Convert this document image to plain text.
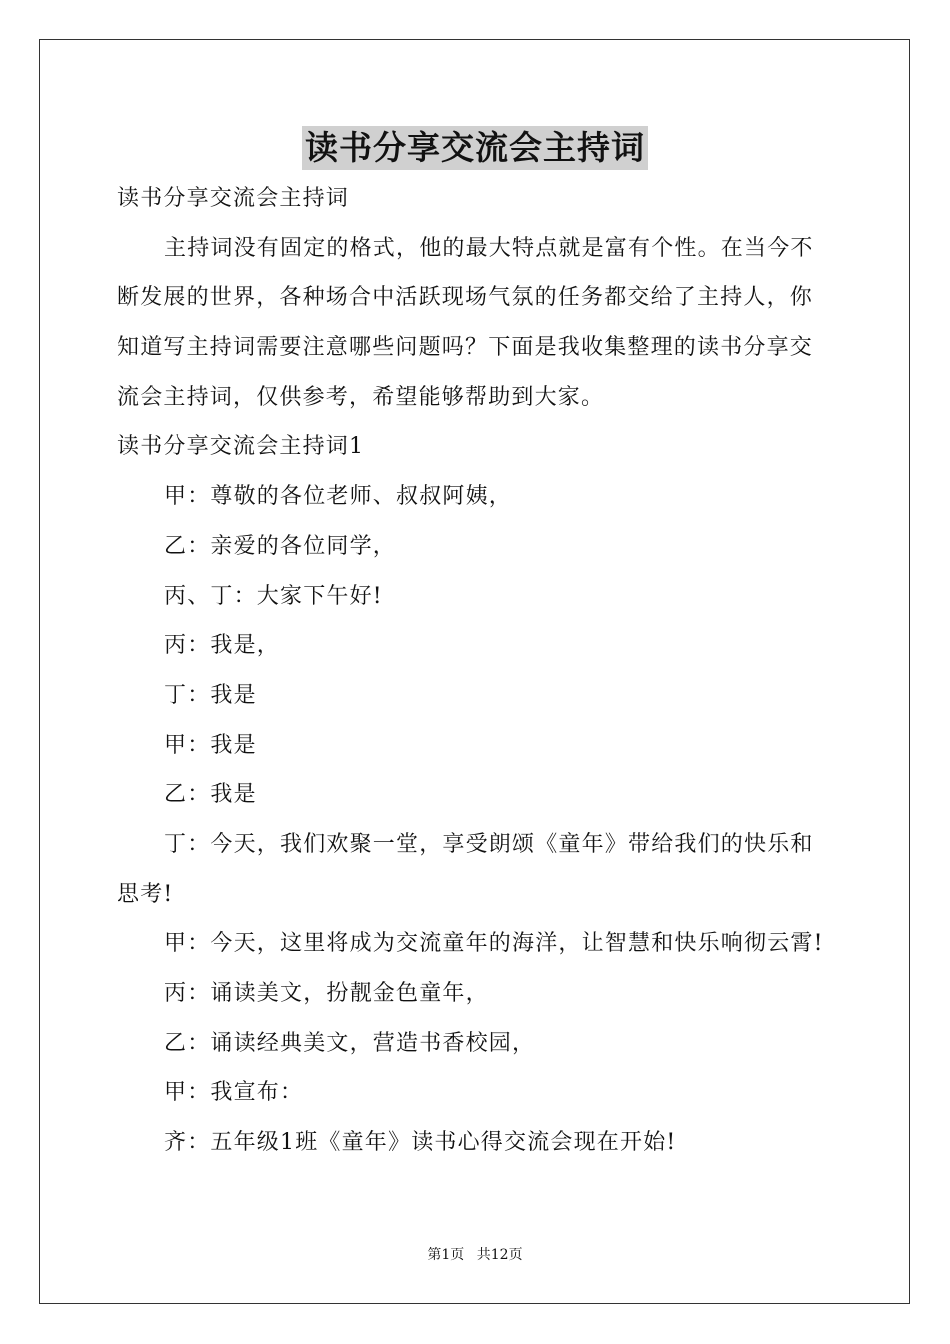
读书分享交流会主持词
读书分享交流会主持词
主持词没有固定的格式，他的最大特点就是富有个性。在当今不
断发展的世界，各种场合中活跃现场气氛的任务都交给了主持人，你
知道写主持词需要注意哪些问题吗？下面是我收集整理的读书分享交
流会主持词，仅供参考，希望能够帮助到大家。
读书分享交流会主持词1
甲：尊敬的各位老师、叔叔阿姨，
乙：亲爱的各位同学，
丙、丁：大家下午好!
丙：我是，
丁：我是
甲：我是
乙：我是
丁：今天，我们欢聚一堂，享受朗颂《童年》带给我们的快乐和
思考!
甲：今天，这里将成为交流童年的海洋，让智慧和快乐响彻云霄!
丙：诵读美文，扮靓金色童年，
乙：诵读经典美文，营造书香校园，
甲：我宣布：
齐：五年级1班《童年》读书心得交流会现在开始!
第1页 共12页
